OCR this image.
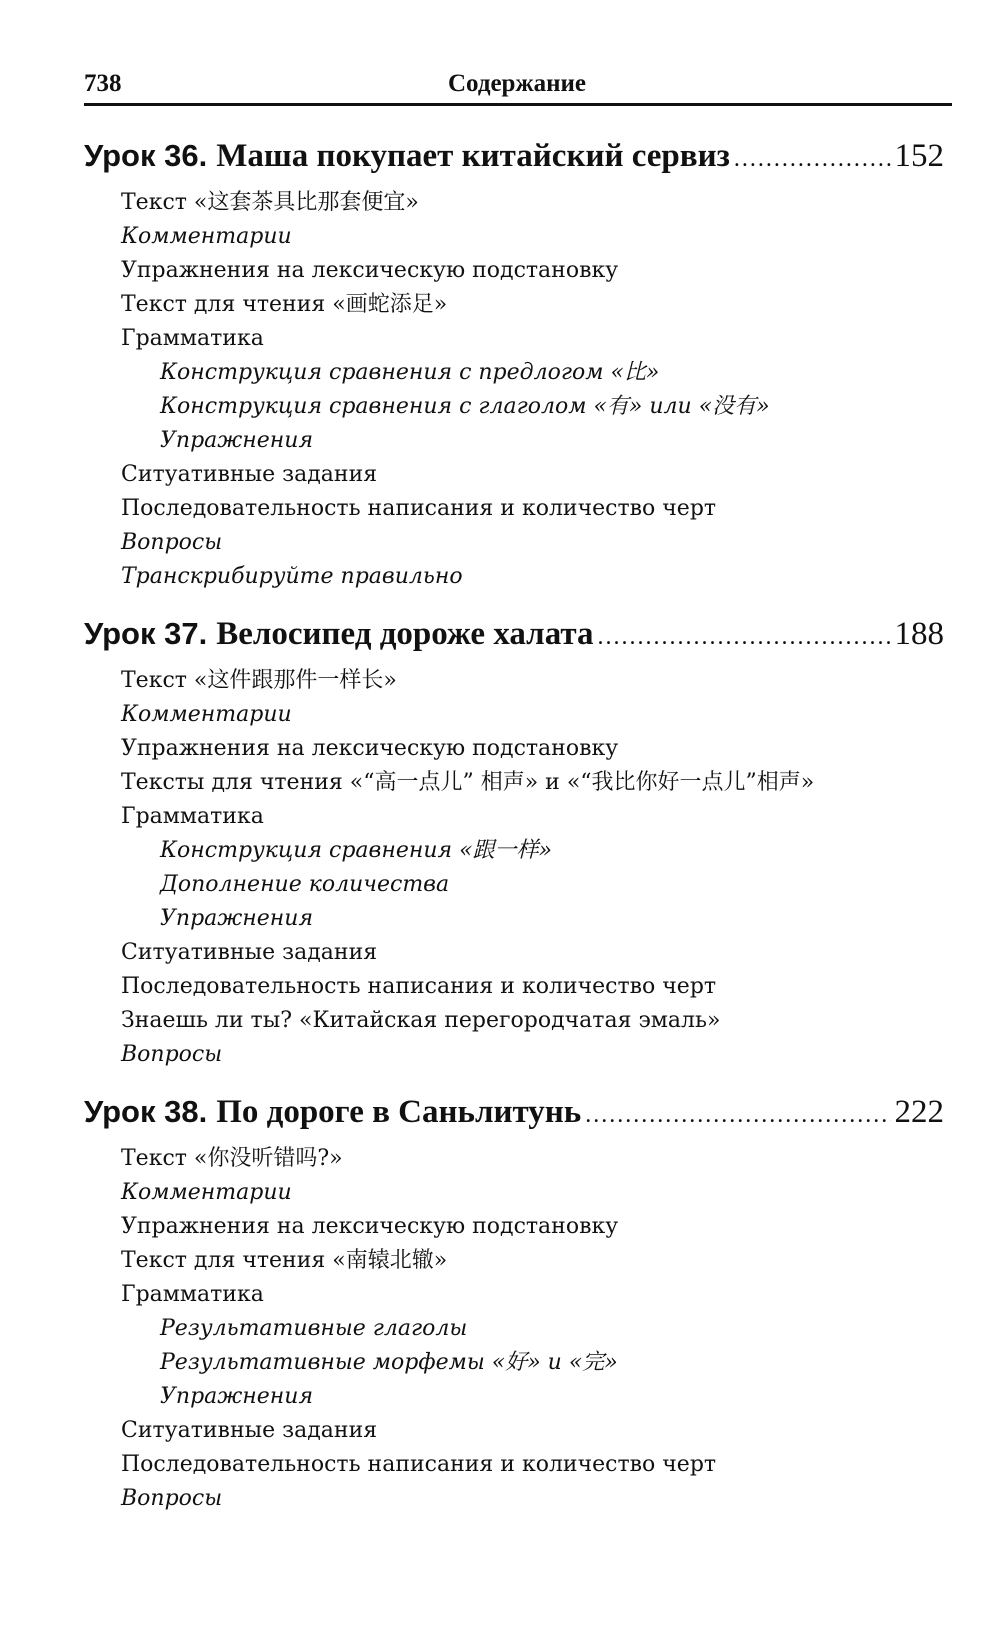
738	Содержание
Урок 36. Маша покупает китайский сервиз .....	152
Текст «这套茶具比那套便宜»
Комментарии
Упражнения на лексическую подстановку
Текст для чтения «画蛇添足»
Грамматика
Конструкция сравнения с предлогом «比»
Конструкция сравнения с глаголом «有» или «没有»
Упражнения
Ситуативные задания
Последовательность написания и количество черт
Вопросы
Транскрибируйте правильно
Урок 37. Велосипед дороже халата .....	188
Текст «这件跟那件一样长»
Комментарии
Упражнения на лексическую подстановку
Тексты для чтения «“高一点儿” 相声» и «“我比你好一点儿”相声»
Грамматика
Конструкция сравнения «跟一样»
Дополнение количества
Упражнения
Ситуативные задания
Последовательность написания и количество черт
Знаешь ли ты? «Китайская перегородчатая эмаль»
Вопросы
Урок 38. По дороге в Саньлитунь .....	222
Текст «你没听错吗?»
Комментарии
Упражнения на лексическую подстановку
Текст для чтения «南辕北辙»
Грамматика
Результативные глаголы
Результативные морфемы «好» и «完»
Упражнения
Ситуативные задания
Последовательность написания и количество черт
Вопросы
